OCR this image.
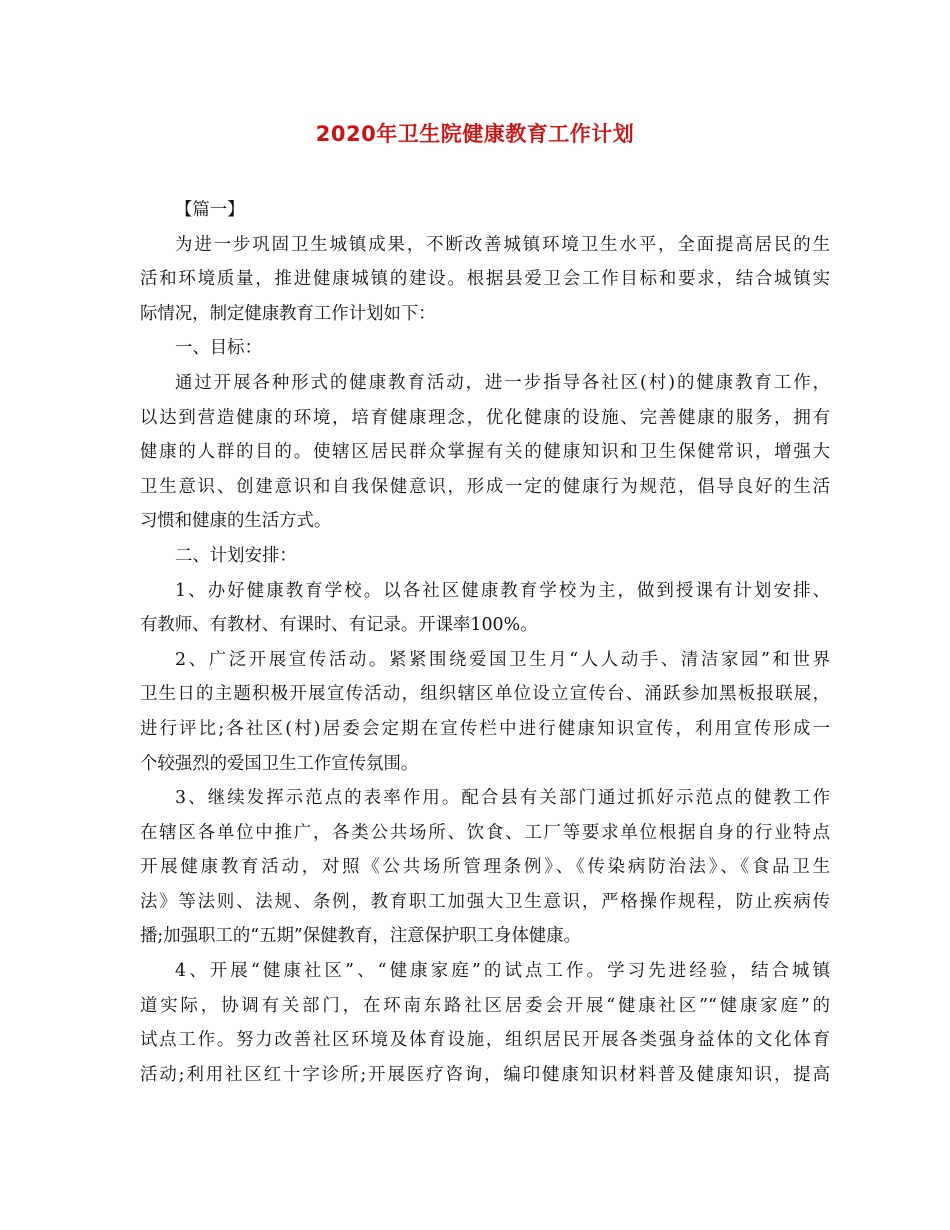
2020年卫生院健康教育工作计划
【篇一】
为进一步巩固卫生城镇成果，不断改善城镇环境卫生水平，全面提高居民的生
活和环境质量，推进健康城镇的建设。根据县爱卫会工作目标和要求，结合城镇实
际情况，制定健康教育工作计划如下：
一、目标：
通过开展各种形式的健康教育活动，进一步指导各社区(村)的健康教育工作，
以达到营造健康的环境，培育健康理念，优化健康的设施、完善健康的服务，拥有
健康的人群的目的。使辖区居民群众掌握有关的健康知识和卫生保健常识，增强大
卫生意识、创建意识和自我保健意识，形成一定的健康行为规范，倡导良好的生活
习惯和健康的生活方式。
二、计划安排：
1、办好健康教育学校。以各社区健康教育学校为主，做到授课有计划安排、
有教师、有教材、有课时、有记录。开课率100%。
2、广泛开展宣传活动。紧紧围绕爱国卫生月“人人动手、清洁家园”和世界
卫生日的主题积极开展宣传活动，组织辖区单位设立宣传台、涌跃参加黑板报联展，
进行评比;各社区(村)居委会定期在宣传栏中进行健康知识宣传，利用宣传形成一
个较强烈的爱国卫生工作宣传氛围。
3、继续发挥示范点的表率作用。配合县有关部门通过抓好示范点的健教工作
在辖区各单位中推广，各类公共场所、饮食、工厂等要求单位根据自身的行业特点
开展健康教育活动，对照《公共场所管理条例》、《传染病防治法》、《食品卫生
法》等法则、法规、条例，教育职工加强大卫生意识，严格操作规程，防止疾病传
播;加强职工的“五期”保健教育，注意保护职工身体健康。
4、开展“健康社区”、“健康家庭”的试点工作。学习先进经验，结合城镇
道实际，协调有关部门，在环南东路社区居委会开展“健康社区”“健康家庭”的
试点工作。努力改善社区环境及体育设施，组织居民开展各类强身益体的文化体育
活动;利用社区红十字诊所;开展医疗咨询，编印健康知识材料普及健康知识，提高
